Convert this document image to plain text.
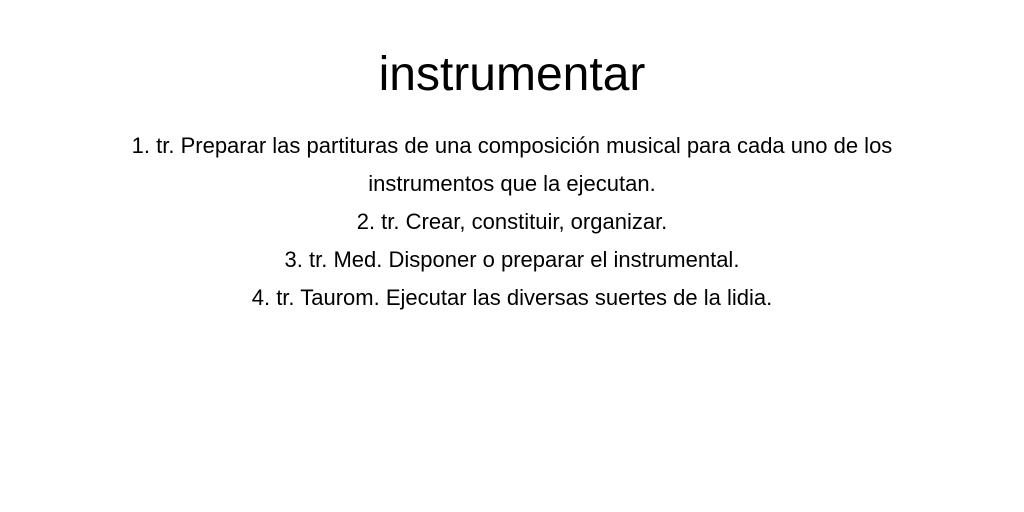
instrumentar
1. tr. Preparar las partituras de una composición musical para cada uno de los instrumentos que la ejecutan.
2. tr. Crear, constituir, organizar.
3. tr. Med. Disponer o preparar el instrumental.
4. tr. Taurom. Ejecutar las diversas suertes de la lidia.
